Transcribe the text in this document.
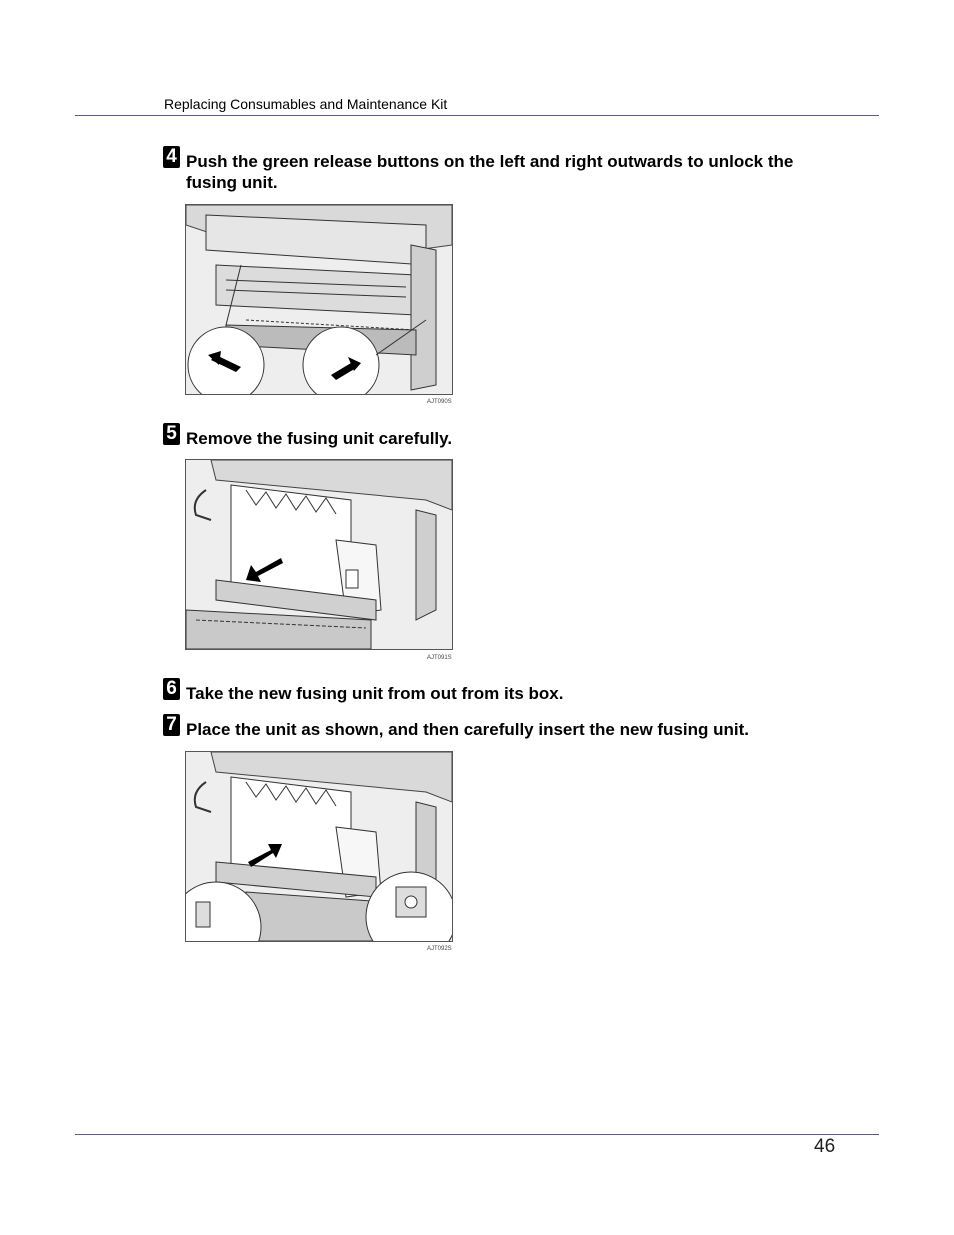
Replacing Consumables and Maintenance Kit
4 Push the green release buttons on the left and right outwards to unlock the fusing unit.
AJT090S
5 Remove the fusing unit carefully.
AJT091S
6 Take the new fusing unit from out from its box.
7 Place the unit as shown, and then carefully insert the new fusing unit.
AJT092S
46
